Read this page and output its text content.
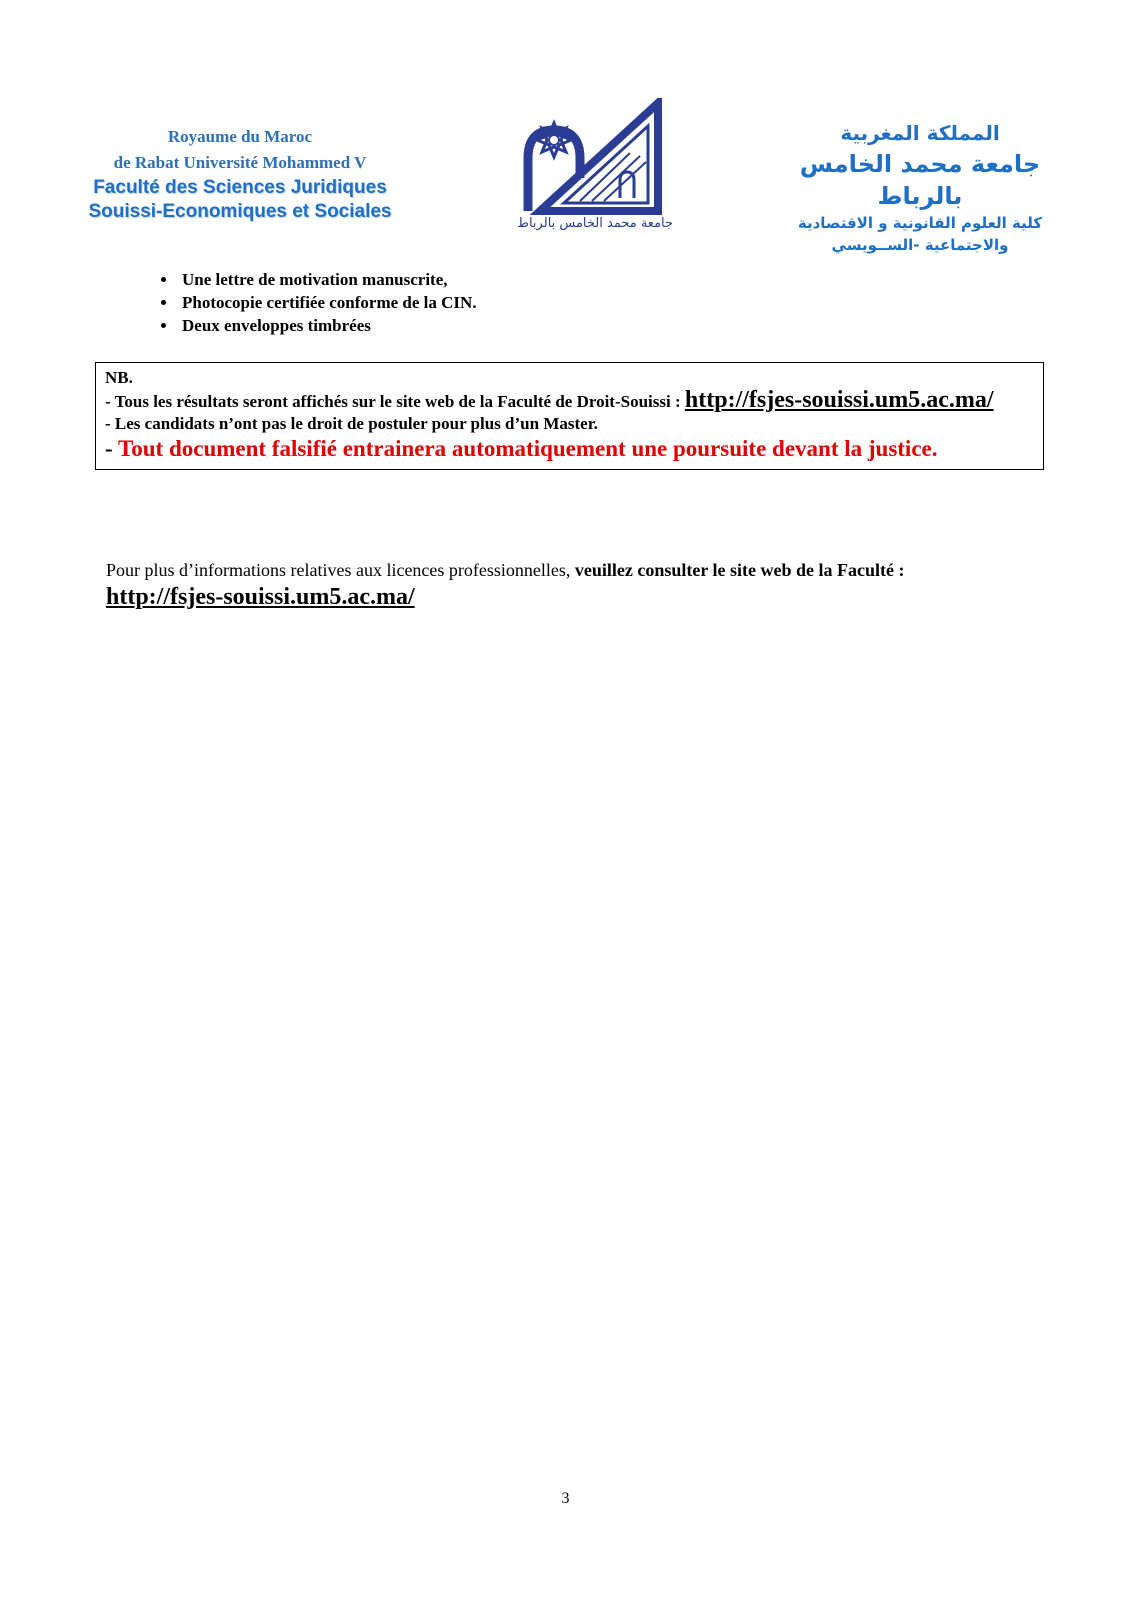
Royaume du Maroc
de Rabat Université Mohammed V
Faculté des Sciences Juridiques
Souissi-Economiques et Sociales
جامعة محمد الخامس بالرباط
المملكة المغربية
جامعة محمد الخامس بالرباط
كلية العلوم القانونية و الاقتصادية
والاجتماعية -الســويسي
• Une lettre de motivation manuscrite,
• Photocopie certifiée conforme de la CIN.
• Deux enveloppes timbrées
NB.
- Tous les résultats seront affichés sur le site web de la Faculté de Droit-Souissi : http://fsjes-souissi.um5.ac.ma/
- Les candidats n’ont pas le droit de postuler pour plus d’un Master.
- Tout document falsifié entrainera automatiquement une poursuite devant la justice.
Pour plus d’informations relatives aux licences professionnelles, veuillez consulter le site web de la Faculté :
http://fsjes-souissi.um5.ac.ma/
3
